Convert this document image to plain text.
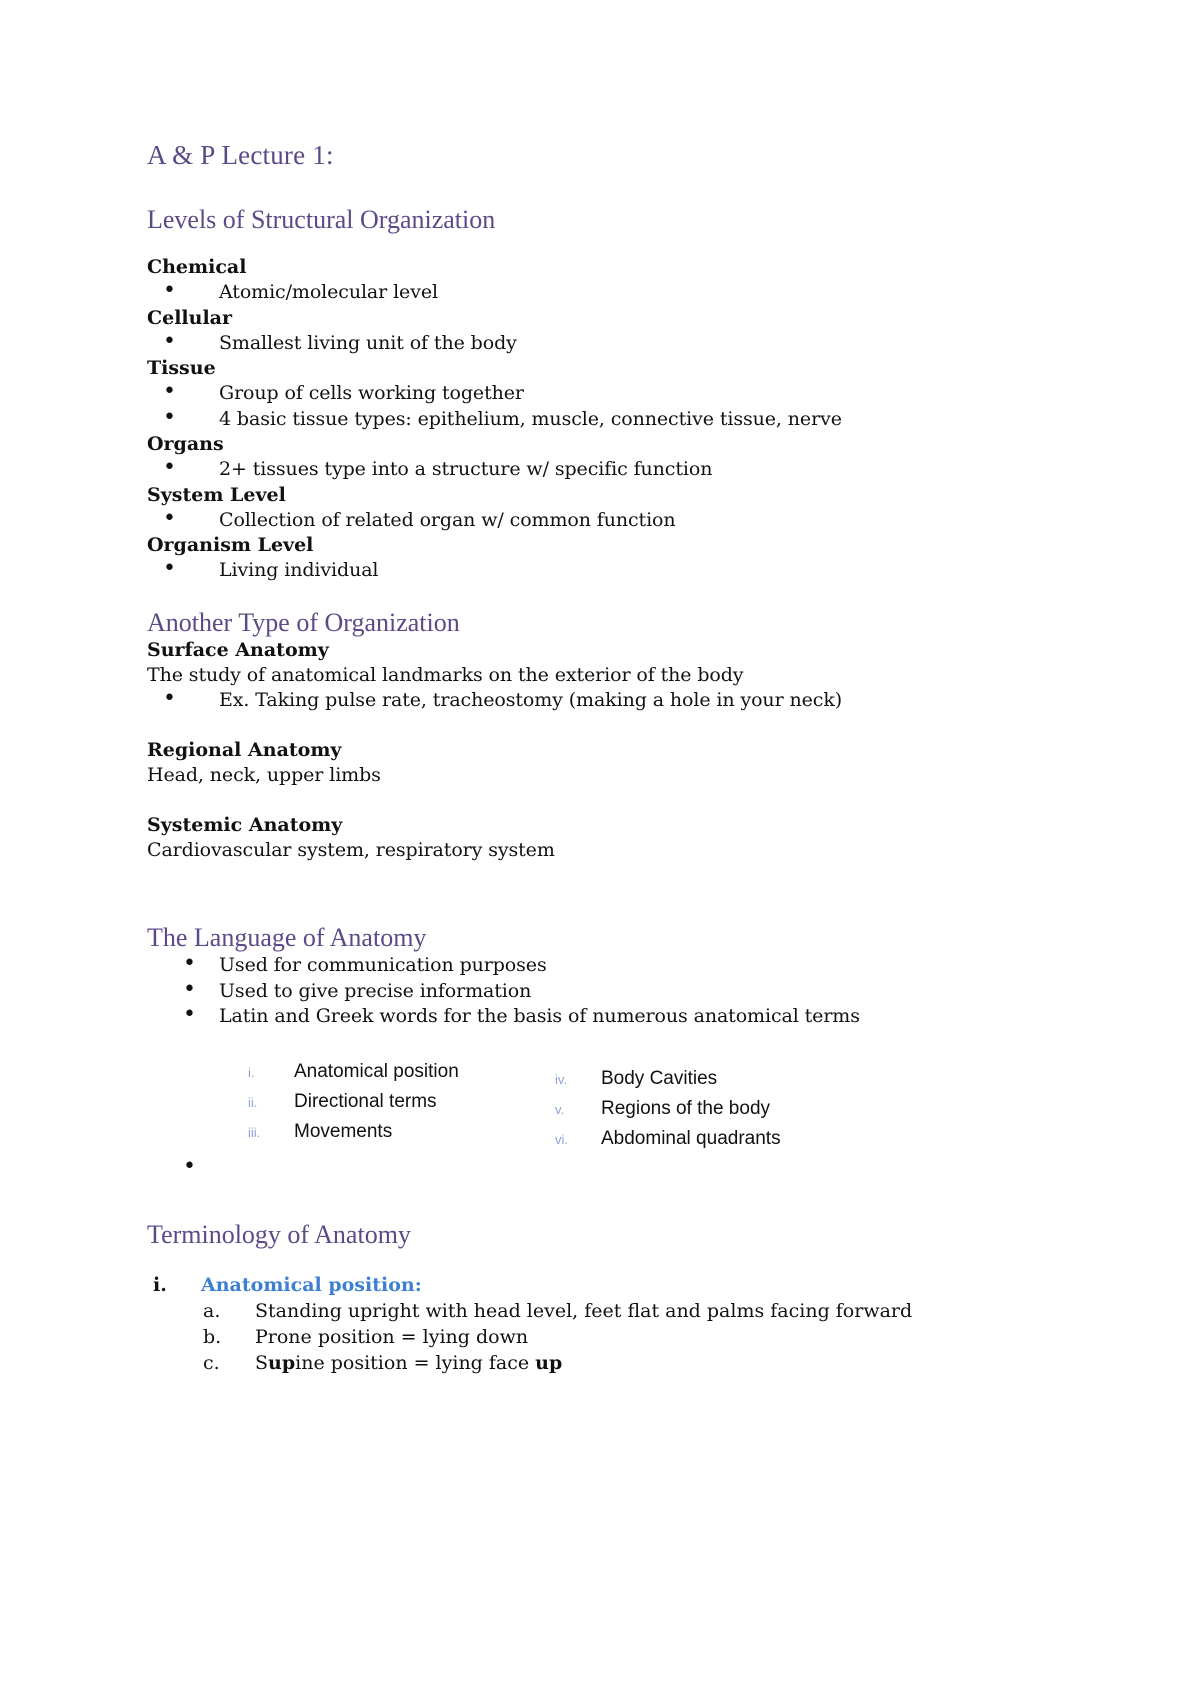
A & P Lecture 1:
Levels of Structural Organization
Chemical
• Atomic/molecular level
Cellular
• Smallest living unit of the body
Tissue
• Group of cells working together
• 4 basic tissue types: epithelium, muscle, connective tissue, nerve
Organs
• 2+ tissues type into a structure w/ specific function
System Level
• Collection of related organ w/ common function
Organism Level
• Living individual
Another Type of Organization
Surface Anatomy
The study of anatomical landmarks on the exterior of the body
• Ex. Taking pulse rate, tracheostomy (making a hole in your neck)
Regional Anatomy
Head, neck, upper limbs
Systemic Anatomy
Cardiovascular system, respiratory system
The Language of Anatomy
• Used for communication purposes
• Used to give precise information
• Latin and Greek words for the basis of numerous anatomical terms
i. Anatomical position
ii. Directional terms
iii. Movements
iv. Body Cavities
v. Regions of the body
vi. Abdominal quadrants
•
Terminology of Anatomy
i. Anatomical position:
a. Standing upright with head level, feet flat and palms facing forward
b. Prone position = lying down
c. Supine position = lying face up
